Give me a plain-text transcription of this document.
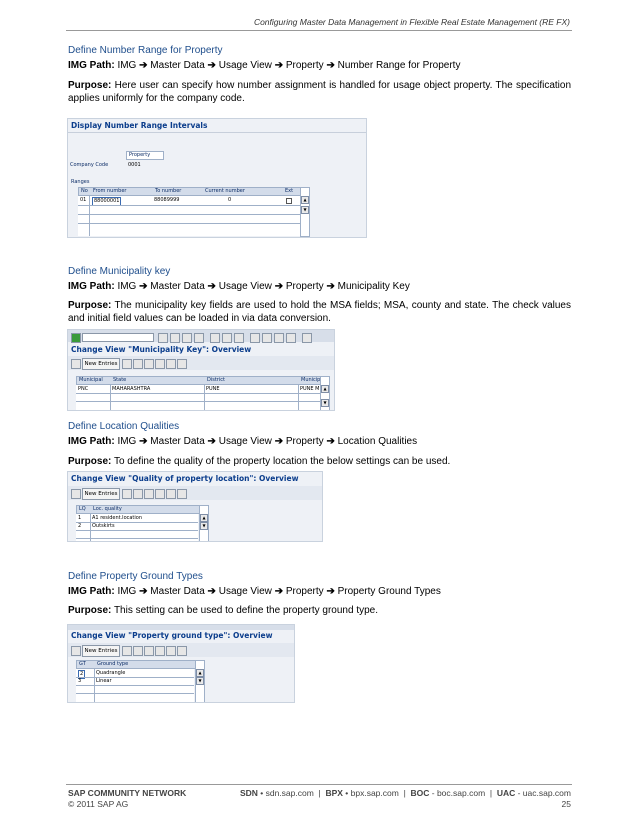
Configuring Master Data Management in Flexible Real Estate Management (RE FX)
Define Number Range for Property
IMG Path: IMG ➔ Master Data ➔ Usage View ➔ Property ➔ Number Range for Property
Purpose: Here user can specify how number assignment is handled for usage object property. The specification applies uniformly for the company code.
Display Number Range Intervals
Property
Company Code	0001
Ranges
No From number	To number	Current number	Ext
01	88000001	88089999	0	▲
▼
Define Municipality key
IMG Path: IMG ➔ Master Data ➔ Usage View ➔ Property ➔ Municipality Key
Purpose: The municipality key fields are used to hold the MSA fields; MSA, county and state. The check values and initial field values can be loaded in via data conversion.
Change View "Municipality Key": Overview
New Entries
Municipal State	District	Municip
PNC	MAHARASHTRA	PUNE	PUNE M ▲
▼
Define Location Qualities
IMG Path: IMG ➔ Master Data ➔ Usage View ➔ Property ➔ Location Qualities
Purpose: To define the quality of the property location the below settings can be used.
Change View "Quality of property location": Overview
New Entries
LQ Loc. quality
1 A1 resident.location
2 Outskirts
▲
▼
Define Property Ground Types
IMG Path: IMG ➔ Master Data ➔ Usage View ➔ Property ➔ Property Ground Types
Purpose: This setting can be used to define the property ground type.
Change View "Property ground type": Overview
New Entries
GT Ground type
2	Quadrangle
3	Linear
▲
▼
SAP COMMUNITY NETWORK	SDN • sdn.sap.com  |  BPX • bpx.sap.com  |  BOC - boc.sap.com  |  UAC - uac.sap.com
© 2011 SAP AG	25
